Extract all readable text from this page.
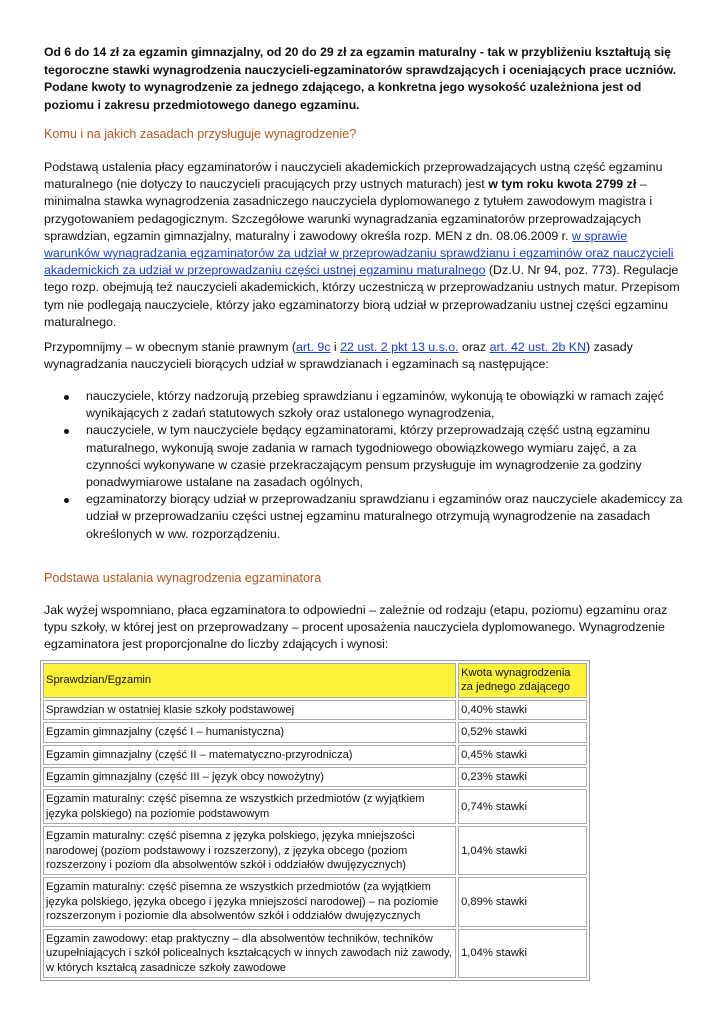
Od 6 do 14 zł za egzamin gimnazjalny, od 20 do 29 zł za egzamin maturalny - tak w przybliżeniu kształtują się tegoroczne stawki wynagrodzenia nauczycieli-egzaminatorów sprawdzających i oceniających prace uczniów. Podane kwoty to wynagrodzenie za jednego zdającego, a konkretna jego wysokość uzależniona jest od poziomu i zakresu przedmiotowego danego egzaminu.

Komu i na jakich zasadach przysługuje wynagrodzenie?

Podstawą ustalenia płacy egzaminatorów i nauczycieli akademickich przeprowadzających ustną część egzaminu maturalnego (nie dotyczy to nauczycieli pracujących przy ustnych maturach) jest w tym roku kwota 2799 zł – minimalna stawka wynagrodzenia zasadniczego nauczyciela dyplomowanego z tytułem zawodowym magistra i przygotowaniem pedagogicznym. Szczegółowe warunki wynagradzania egzaminatorów przeprowadzających sprawdzian, egzamin gimnazjalny, maturalny i zawodowy określa rozp. MEN z dn. 08.06.2009 r. w sprawie warunków wynagradzania egzaminatorów za udział w przeprowadzaniu sprawdzianu i egzaminów oraz nauczycieli akademickich za udział w przeprowadzaniu części ustnej egzaminu maturalnego (Dz.U. Nr 94, poz. 773). Regulacje tego rozp. obejmują też nauczycieli akademickich, którzy uczestniczą w przeprowadzaniu ustnych matur. Przepisom tym nie podlegają nauczyciele, którzy jako egzaminatorzy biorą udział w przeprowadzaniu ustnej części egzaminu maturalnego.

Przypomnijmy – w obecnym stanie prawnym (art. 9c i 22 ust. 2 pkt 13 u.s.o. oraz art. 42 ust. 2b KN) zasady wynagradzania nauczycieli biorących udział w sprawdzianach i egzaminach są następujące:

nauczyciele, którzy nadzorują przebieg sprawdzianu i egzaminów, wykonują te obowiązki w ramach zajęć wynikających z zadań statutowych szkoły oraz ustalonego wynagrodzenia,
nauczyciele, w tym nauczyciele będący egzaminatorami, którzy przeprowadzają część ustną egzaminu maturalnego, wykonują swoje zadania w ramach tygodniowego obowiązkowego wymiaru zajęć, a za czynności wykonywane w czasie przekraczającym pensum przysługuje im wynagrodzenie za godziny ponadwymiarowe ustalane na zasadach ogólnych,
egzaminatorzy biorący udział w przeprowadzaniu sprawdzianu i egzaminów oraz nauczyciele akademiccy za udział w przeprowadzaniu części ustnej egzaminu maturalnego otrzymują wynagrodzenie na zasadach określonych w ww. rozporządzeniu.

Podstawa ustalania wynagrodzenia egzaminatora

Jak wyżej wspomniano, płaca egzaminatora to odpowiedni – zależnie od rodzaju (etapu, poziomu) egzaminu oraz typu szkoły, w której jest on przeprowadzany – procent uposażenia nauczyciela dyplomowanego. Wynagrodzenie egzaminatora jest proporcjonalne do liczby zdających i wynosi:

Sprawdzian/Egzamin	Kwota wynagrodzenia za jednego zdającego
Sprawdzian w ostatniej klasie szkoły podstawowej	0,40% stawki
Egzamin gimnazjalny (część I – humanistyczna)	0,52% stawki
Egzamin gimnazjalny (część II – matematyczno-przyrodnicza)	0,45% stawki
Egzamin gimnazjalny (część III – język obcy nowożytny)	0,23% stawki
Egzamin maturalny: część pisemna ze wszystkich przedmiotów (z wyjątkiem języka polskiego) na poziomie podstawowym	0,74% stawki
Egzamin maturalny: część pisemna z języka polskiego, języka mniejszości narodowej (poziom podstawowy i rozszerzony), z języka obcego (poziom rozszerzony i poziom dla absolwentów szkół i oddziałów dwujęzycznych)	1,04% stawki
Egzamin maturalny: część pisemna ze wszystkich przedmiotów (za wyjątkiem języka polskiego, języka obcego i języka mniejszości narodowej) – na poziomie rozszerzonym i poziomie dla absolwentów szkół i oddziałów dwujęzycznych	0,89% stawki
Egzamin zawodowy: etap praktyczny – dla absolwentów techników, techników uzupełniających i szkół policealnych kształcących w innych zawodach niż zawody, w których kształcą zasadnicze szkoły zawodowe	1,04% stawki
